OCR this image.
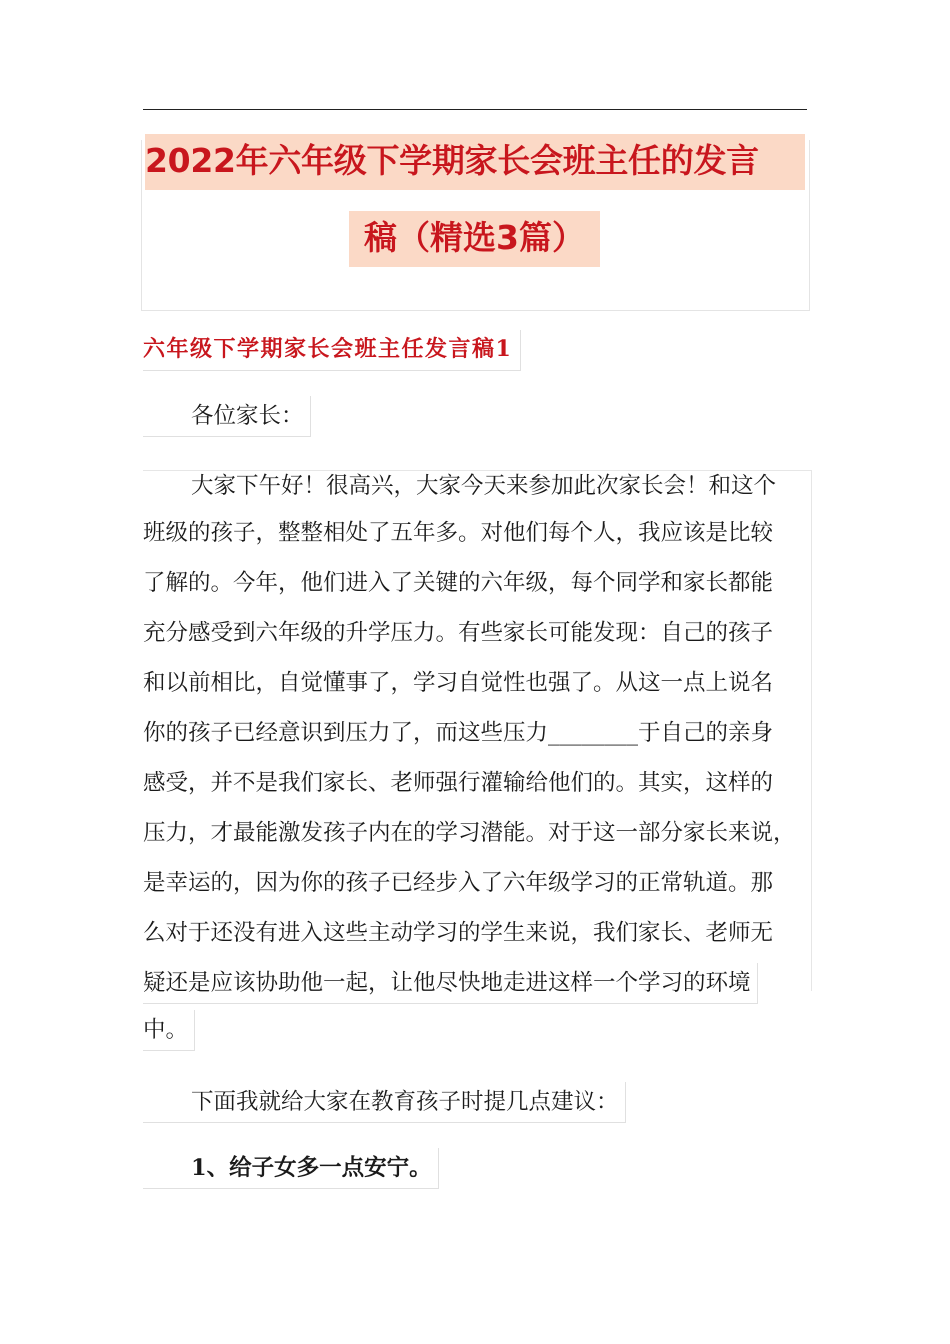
2022年六年级下学期家长会班主任的发言
稿（精选3篇）
六年级下学期家长会班主任发言稿1
各位家长：
大家下午好！很高兴，大家今天来参加此次家长会！和这个
班级的孩子，整整相处了五年多。对他们每个人，我应该是比较
了解的。今年，他们进入了关键的六年级，每个同学和家长都能
充分感受到六年级的升学压力。有些家长可能发现：自己的孩子
和以前相比，自觉懂事了，学习自觉性也强了。从这一点上说名
你的孩子已经意识到压力了，而这些压力________于自己的亲身
感受，并不是我们家长、老师强行灌输给他们的。其实，这样的
压力，才最能激发孩子内在的学习潜能。对于这一部分家长来说，
是幸运的，因为你的孩子已经步入了六年级学习的正常轨道。那
么对于还没有进入这些主动学习的学生来说，我们家长、老师无
疑还是应该协助他一起，让他尽快地走进这样一个学习的环境
中。
下面我就给大家在教育孩子时提几点建议：
1、给子女多一点安宁。
